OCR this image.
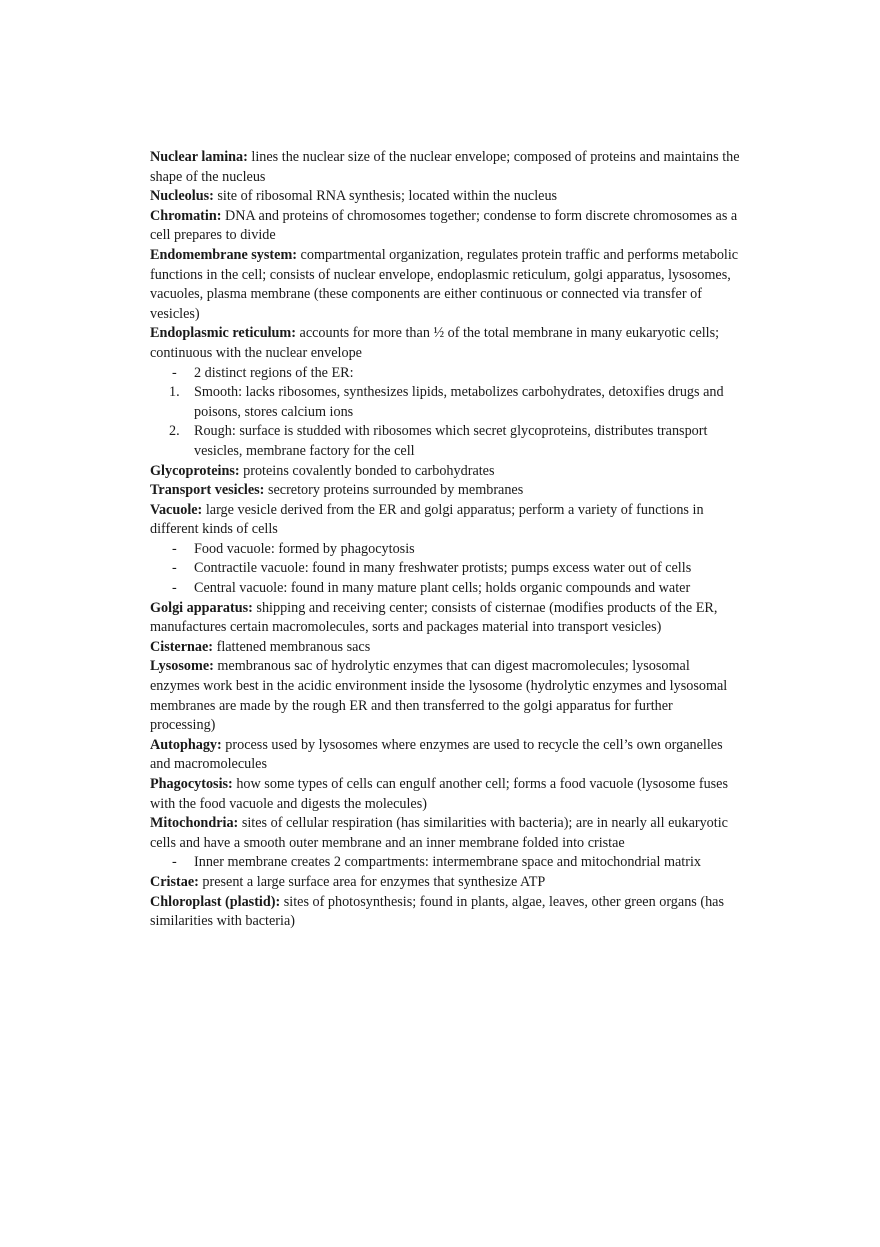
Nuclear lamina: lines the nuclear size of the nuclear envelope; composed of proteins and maintains the shape of the nucleus

Nucleolus: site of ribosomal RNA synthesis; located within the nucleus

Chromatin: DNA and proteins of chromosomes together; condense to form discrete chromosomes as a cell prepares to divide

Endomembrane system: compartmental organization, regulates protein traffic and performs metabolic functions in the cell; consists of nuclear envelope, endoplasmic reticulum, golgi apparatus, lysosomes, vacuoles, plasma membrane (these components are either continuous or connected via transfer of vesicles)

Endoplasmic reticulum: accounts for more than ½ of the total membrane in many eukaryotic cells; continuous with the nuclear envelope

-	2 distinct regions of the ER:
1.	Smooth: lacks ribosomes, synthesizes lipids, metabolizes carbohydrates, detoxifies drugs and poisons, stores calcium ions
2.	Rough: surface is studded with ribosomes which secret glycoproteins, distributes transport vesicles, membrane factory for the cell

Glycoproteins: proteins covalently bonded to carbohydrates

Transport vesicles: secretory proteins surrounded by membranes

Vacuole: large vesicle derived from the ER and golgi apparatus; perform a variety of functions in different kinds of cells

-	Food vacuole: formed by phagocytosis
-	Contractile vacuole: found in many freshwater protists; pumps excess water out of cells
-	Central vacuole: found in many mature plant cells; holds organic compounds and water

Golgi apparatus: shipping and receiving center; consists of cisternae (modifies products of the ER, manufactures certain macromolecules, sorts and packages material into transport vesicles)

Cisternae: flattened membranous sacs

Lysosome: membranous sac of hydrolytic enzymes that can digest macromolecules; lysosomal enzymes work best in the acidic environment inside the lysosome (hydrolytic enzymes and lysosomal membranes are made by the rough ER and then transferred to the golgi apparatus for further processing)

Autophagy: process used by lysosomes where enzymes are used to recycle the cell’s own organelles and macromolecules

Phagocytosis: how some types of cells can engulf another cell; forms a food vacuole (lysosome fuses with the food vacuole and digests the molecules)

Mitochondria: sites of cellular respiration (has similarities with bacteria); are in nearly all eukaryotic cells and have a smooth outer membrane and an inner membrane folded into cristae

-	Inner membrane creates 2 compartments: intermembrane space and mitochondrial matrix

Cristae: present a large surface area for enzymes that synthesize ATP

Chloroplast (plastid): sites of photosynthesis; found in plants, algae, leaves, other green organs (has similarities with bacteria)
